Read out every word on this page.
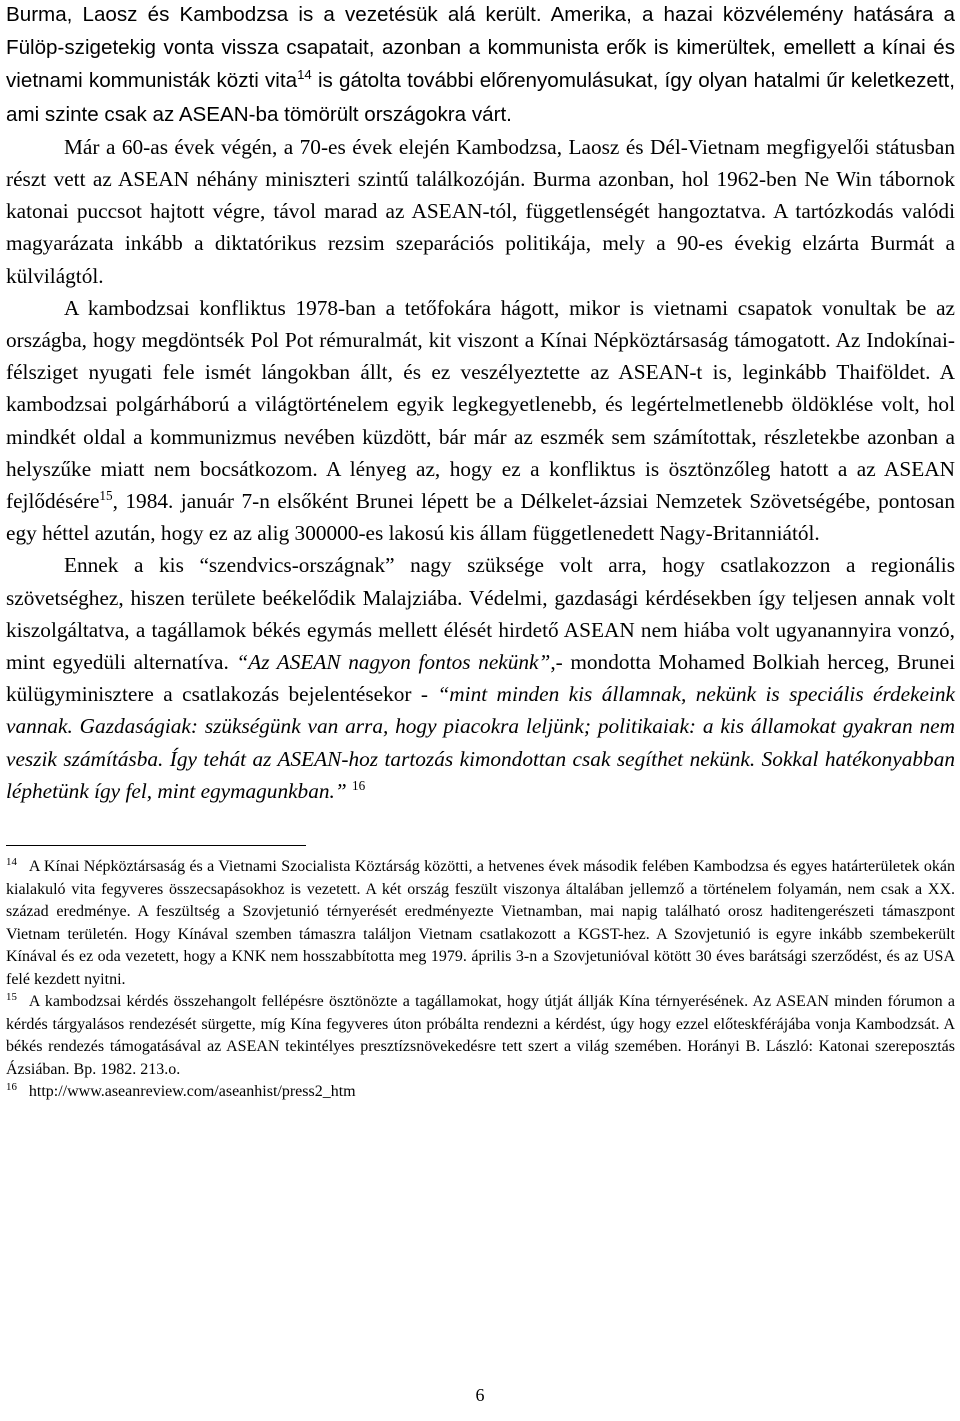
Burma, Laosz és Kambodzsa is a vezetésük alá került. Amerika, a hazai közvélemény hatására a Fülöp-szigetekig vonta vissza csapatait, azonban a kommunista erők is kimerültek, emellett a kínai és vietnami kommunisták közti vita$^{14}$ is gátolta további előrenyomulásukat, így olyan hatalmi űr keletkezett, ami szinte csak az ASEAN-ba tömörült országokra várt.

Már a 60-as évek végén, a 70-es évek elején Kambodzsa, Laosz és Dél-Vietnam megfigyelői státusban részt vett az ASEAN néhány miniszteri szintű találkozóján. Burma azonban, hol 1962-ben Ne Win tábornok katonai puccsot hajtott végre, távol marad az ASEAN-tól, függetlenségét hangoztatva. A tartózkodás valódi magyarázata inkább a diktatórikus rezsim szeparációs politikája, mely a 90-es évekig elzárta Burmát a külvilágtól.

A kambodzsai konfliktus 1978-ban a tetőfokára hágott, mikor is vietnami csapatok vonultak be az országba, hogy megdöntsék Pol Pot rémuralmát, kit viszont a Kínai Népköztársaság támogatott. Az Indokínai-félsziget nyugati fele ismét lángokban állt, és ez veszélyeztette az ASEAN-t is, leginkább Thaiföldet. A kambodzsai polgárháború a világtörténelem egyik legkegyetlenebb, és legértelmetlenebb öldöklése volt, hol mindkét oldal a kommunizmus nevében küzdött, bár már az eszmék sem számítottak, részletekbe azonban a helyszűke miatt nem bocsátkozom. A lényeg az, hogy ez a konfliktus is ösztönzőleg hatott a az ASEAN fejlődésére$^{15}$, 1984. január 7-n elsőként Brunei lépett be a Délkelet-ázsiai Nemzetek Szövetségébe, pontosan egy héttel azután, hogy ez az alig 300000-es lakosú kis állam függetlenedett Nagy-Britanniától.

Ennek a kis “szendvics-országnak” nagy szüksége volt arra, hogy csatlakozzon a regionális szövetséghez, hiszen területe beékelődik Malajziába. Védelmi, gazdasági kérdésekben így teljesen annak volt kiszolgáltatva, a tagállamok békés egymás mellett élését hirdető ASEAN nem hiába volt ugyanannyira vonzó, mint egyedüli alternatíva. “Az ASEAN nagyon fontos nekünk”,- mondotta Mohamed Bolkiah herceg, Brunei külügyminisztere a csatlakozás bejelentésekor - “mint minden kis államnak, nekünk is speciális érdekeink vannak. Gazdaságiak: szükségünk van arra, hogy piacokra leljünk; politikaiak: a kis államokat gyakran nem veszik számításba. Így tehát az ASEAN-hoz tartozás kimondottan csak segíthet nekünk. Sokkal hatékonyabban léphetünk így fel, mint egymagunkban.” $^{16}$

$^{14}$ A Kínai Népköztársaság és a Vietnami Szocialista Köztárság közötti, a hetvenes évek második felében Kambodzsa és egyes határterületek okán kialakuló vita fegyveres összecsapásokhoz is vezetett. A két ország feszült viszonya általában jellemző a történelem folyamán, nem csak a XX. század eredménye. A feszültség a Szovjetunió térnyerését eredményezte Vietnamban, mai napig található orosz haditengerészeti támaszpont Vietnam területén. Hogy Kínával szemben támaszra találjon Vietnam csatlakozott a KGST-hez. A Szovjetunió is egyre inkább szembekerült Kínával és ez oda vezetett, hogy a KNK nem hosszabbította meg 1979. április 3-n a Szovjetunióval kötött 30 éves barátsági szerződést, és az USA felé kezdett nyitni.

$^{15}$ A kambodzsai kérdés összehangolt fellépésre ösztönözte a tagállamokat, hogy útját állják Kína térnyerésének. Az ASEAN minden fórumon a kérdés tárgyalásos rendezését sürgette, míg Kína fegyveres úton próbálta rendezni a kérdést, úgy hogy ezzel előteskférájába vonja Kambodzsát. A békés rendezés támogatásával az ASEAN tekintélyes presztízsnövekedésre tett szert a világ szemében. Horányi B. László: Katonai szereposztás Ázsiában. Bp. 1982. 213.o.

$^{16}$ http://www.aseanreview.com/aseanhist/press2_htm

6
